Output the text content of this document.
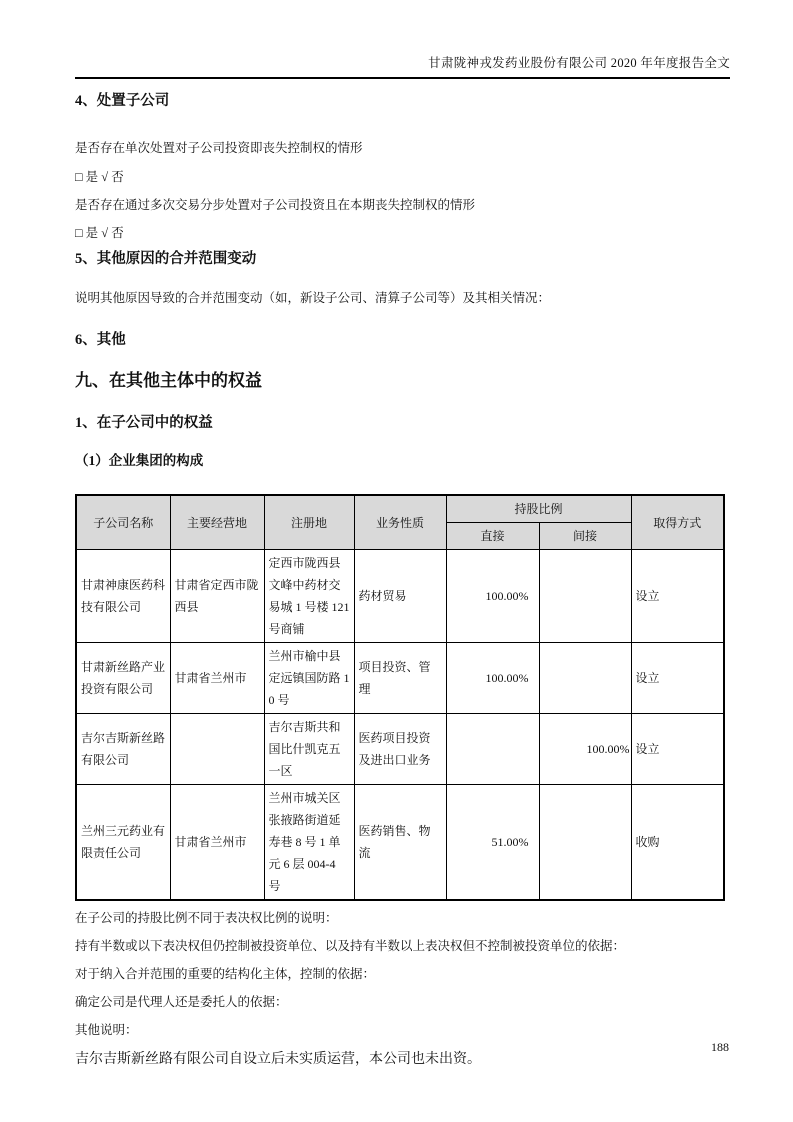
甘肃陇神戎发药业股份有限公司 2020 年年度报告全文
4、处置子公司

是否存在单次处置对子公司投资即丧失控制权的情形

□ 是 √ 否

是否存在通过多次交易分步处置对子公司投资且在本期丧失控制权的情形

□ 是 √ 否

5、其他原因的合并范围变动

说明其他原因导致的合并范围变动（如，新设子公司、清算子公司等）及其相关情况：

6、其他
九、在其他主体中的权益
1、在子公司中的权益
（1）企业集团的构成
子公司名称	主要经营地	注册地	业务性质	持股比例		取得方式
				直接	间接	
甘肃神康医药科技有限公司	甘肃省定西市陇西县	定西市陇西县文峰中药材交易城 1 号楼 121 号商铺	药材贸易	100.00%		设立
甘肃新丝路产业投资有限公司	甘肃省兰州市	兰州市榆中县定远镇国防路 10 号	项目投资、管理	100.00%		设立
吉尔吉斯新丝路有限公司		吉尔吉斯共和国比什凯克五一区	医药项目投资及进出口业务		100.00%	设立
兰州三元药业有限责任公司	甘肃省兰州市	兰州市城关区张掖路街道延寿巷 8 号 1 单元 6 层 004-4 号	医药销售、物流	51.00%		收购

在子公司的持股比例不同于表决权比例的说明：

持有半数或以下表决权但仍控制被投资单位、以及持有半数以上表决权但不控制被投资单位的依据：

对于纳入合并范围的重要的结构化主体，控制的依据：

确定公司是代理人还是委托人的依据：

其他说明：

吉尔吉斯新丝路有限公司自设立后未实质运营，本公司也未出资。

188
